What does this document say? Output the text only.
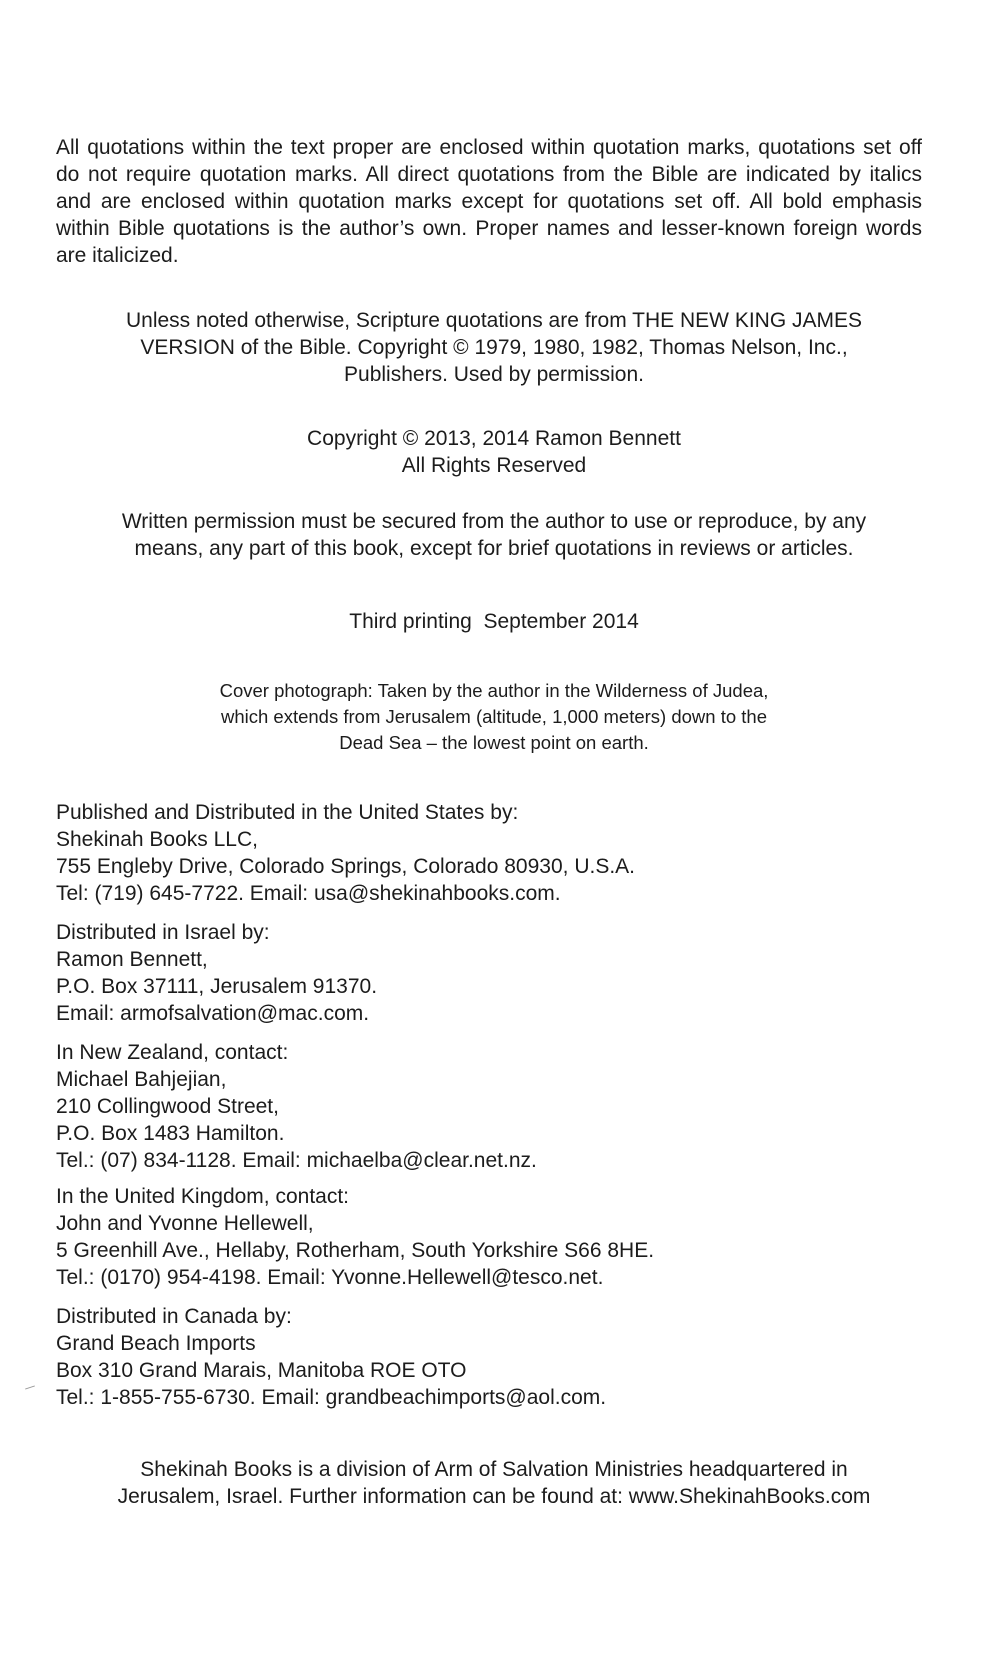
All quotations within the text proper are enclosed within quotation marks, quotations set off do not require quotation marks. All direct quotations from the Bible are indicated by italics and are enclosed within quotation marks except for quotations set off. All bold emphasis within Bible quotations is the author’s own. Proper names and lesser-known foreign words are italicized.
Unless noted otherwise, Scripture quotations are from THE NEW KING JAMES
VERSION of the Bible. Copyright © 1979, 1980, 1982, Thomas Nelson, Inc.,
Publishers. Used by permission.
Copyright © 2013, 2014 Ramon Bennett
All Rights Reserved
Written permission must be secured from the author to use or reproduce, by any
means, any part of this book, except for brief quotations in reviews or articles.
Third printing  September 2014
Cover photograph: Taken by the author in the Wilderness of Judea,
which extends from Jerusalem (altitude, 1,000 meters) down to the
Dead Sea – the lowest point on earth.
Published and Distributed in the United States by:
Shekinah Books LLC,
755 Engleby Drive, Colorado Springs, Colorado 80930, U.S.A.
Tel: (719) 645-7722. Email: usa@shekinahbooks.com.
Distributed in Israel by:
Ramon Bennett,
P.O. Box 37111, Jerusalem 91370.
Email: armofsalvation@mac.com.
In New Zealand, contact:
Michael Bahjejian,
210 Collingwood Street,
P.O. Box 1483 Hamilton.
Tel.: (07) 834-1128. Email: michaelba@clear.net.nz.
In the United Kingdom, contact:
John and Yvonne Hellewell,
5 Greenhill Ave., Hellaby, Rotherham, South Yorkshire S66 8HE.
Tel.: (0170) 954-4198. Email: Yvonne.Hellewell@tesco.net.
Distributed in Canada by:
Grand Beach Imports
Box 310 Grand Marais, Manitoba ROE OTO
Tel.: 1-855-755-6730. Email: grandbeachimports@aol.com.
Shekinah Books is a division of Arm of Salvation Ministries headquartered in
Jerusalem, Israel. Further information can be found at: www.ShekinahBooks.com
